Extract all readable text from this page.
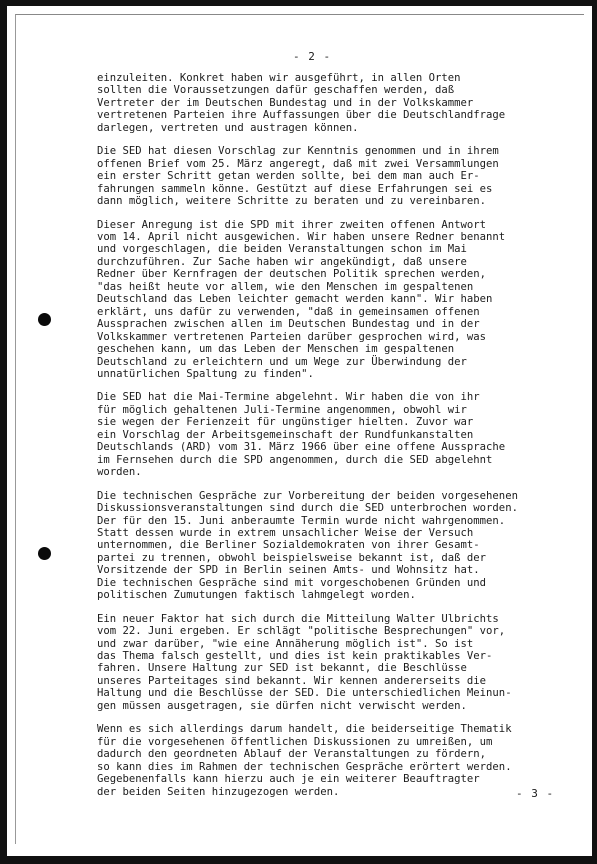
- 2 -

einzuleiten. Konkret haben wir ausgeführt, in allen Orten
sollten die Voraussetzungen dafür geschaffen werden, daß
Vertreter der im Deutschen Bundestag und in der Volkskammer
vertretenen Parteien ihre Auffassungen über die Deutschlandfrage
darlegen, vertreten und austragen können.

Die SED hat diesen Vorschlag zur Kenntnis genommen und in ihrem
offenen Brief vom 25. März angeregt, daß mit zwei Versammlungen
ein erster Schritt getan werden sollte, bei dem man auch Er-
fahrungen sammeln könne. Gestützt auf diese Erfahrungen sei es
dann möglich, weitere Schritte zu beraten und zu vereinbaren.

Dieser Anregung ist die SPD mit ihrer zweiten offenen Antwort
vom 14. April nicht ausgewichen. Wir haben unsere Redner benannt
und vorgeschlagen, die beiden Veranstaltungen schon im Mai
durchzuführen. Zur Sache haben wir angekündigt, daß unsere
Redner über Kernfragen der deutschen Politik sprechen werden,
"das heißt heute vor allem, wie den Menschen im gespaltenen
Deutschland das Leben leichter gemacht werden kann". Wir haben
erklärt, uns dafür zu verwenden, "daß in gemeinsamen offenen
Aussprachen zwischen allen im Deutschen Bundestag und in der
Volkskammer vertretenen Parteien darüber gesprochen wird, was
geschehen kann, um das Leben der Menschen im gespaltenen
Deutschland zu erleichtern und um Wege zur Überwindung der
unnatürlichen Spaltung zu finden".

Die SED hat die Mai-Termine abgelehnt. Wir haben die von ihr
für möglich gehaltenen Juli-Termine angenommen, obwohl wir
sie wegen der Ferienzeit für ungünstiger hielten. Zuvor war
ein Vorschlag der Arbeitsgemeinschaft der Rundfunkanstalten
Deutschlands (ARD) vom 31. März 1966 über eine offene Aussprache
im Fernsehen durch die SPD angenommen, durch die SED abgelehnt
worden.

Die technischen Gespräche zur Vorbereitung der beiden vorgesehenen
Diskussionsveranstaltungen sind durch die SED unterbrochen worden.
Der für den 15. Juni anberaumte Termin wurde nicht wahrgenommen.
Statt dessen wurde in extrem unsachlicher Weise der Versuch
unternommen, die Berliner Sozialdemokraten von ihrer Gesamt-
partei zu trennen, obwohl beispielsweise bekannt ist, daß der
Vorsitzende der SPD in Berlin seinen Amts- und Wohnsitz hat.
Die technischen Gespräche sind mit vorgeschobenen Gründen und
politischen Zumutungen faktisch lahmgelegt worden.

Ein neuer Faktor hat sich durch die Mitteilung Walter Ulbrichts
vom 22. Juni ergeben. Er schlägt "politische Besprechungen" vor,
und zwar darüber, "wie eine Annäherung möglich ist". So ist
das Thema falsch gestellt, und dies ist kein praktikables Ver-
fahren. Unsere Haltung zur SED ist bekannt, die Beschlüsse
unseres Parteitages sind bekannt. Wir kennen andererseits die
Haltung und die Beschlüsse der SED. Die unterschiedlichen Meinun-
gen müssen ausgetragen, sie dürfen nicht verwischt werden.

Wenn es sich allerdings darum handelt, die beiderseitige Thematik
für die vorgesehenen öffentlichen Diskussionen zu umreißen, um
dadurch den geordneten Ablauf der Veranstaltungen zu fördern,
so kann dies im Rahmen der technischen Gespräche erörtert werden.
Gegebenenfalls kann hierzu auch je ein weiterer Beauftragter
der beiden Seiten hinzugezogen werden.	- 3 -
